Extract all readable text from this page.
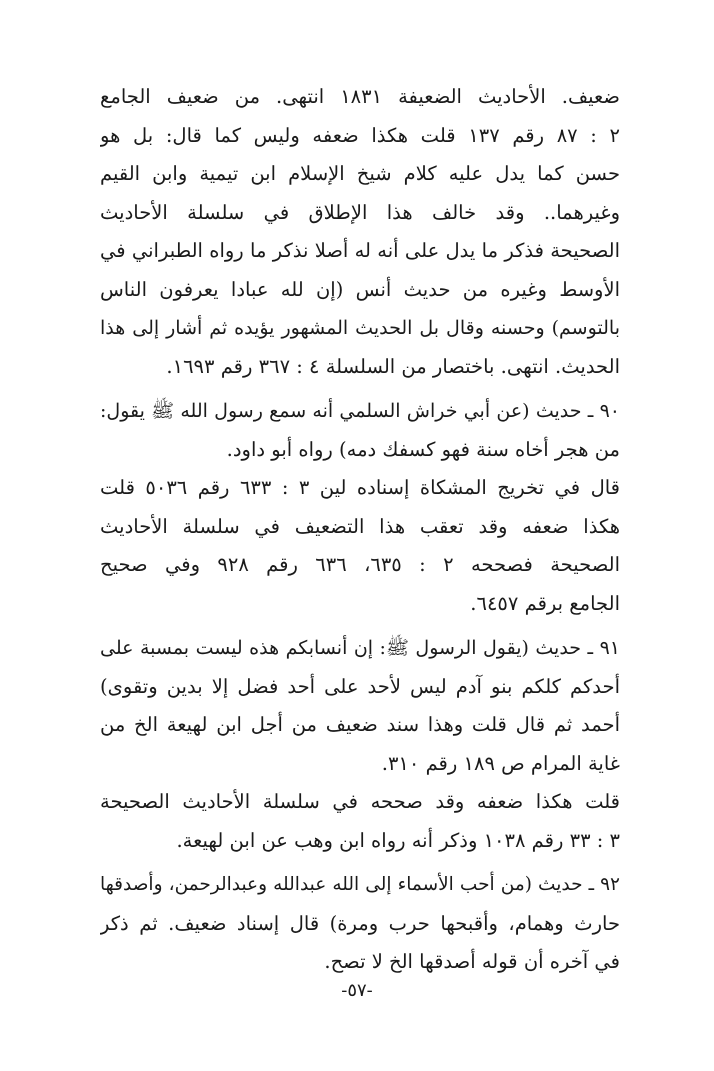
ضعيف. الأحاديث الضعيفة ١٨٣١ انتهى. من ضعيف الجامع
٢ : ٨٧ رقم ١٣٧ قلت هكذا ضعفه وليس كما قال: بل هو
حسن كما يدل عليه كلام شيخ الإسلام ابن تيمية وابن القيم
وغيرهما.. وقد خالف هذا الإطلاق في سلسلة الأحاديث
الصحيحة فذكر ما يدل على أنه له أصلا نذكر ما رواه الطبراني في
الأوسط وغيره من حديث أنس (إن لله عبادا يعرفون الناس
بالتوسم) وحسنه وقال بل الحديث المشهور يؤيده ثم أشار إلى هذا
الحديث. انتهى. باختصار من السلسلة ٤ : ٣٦٧ رقم ١٦٩٣.
٩٠ ـ حديث (عن أبي خراش السلمي أنه سمع رسول الله ﷺ يقول:
من هجر أخاه سنة فهو كسفك دمه) رواه أبو داود.
قال في تخريج المشكاة إسناده لين ٣ : ٦٣٣ رقم ٥٠٣٦ قلت
هكذا ضعفه وقد تعقب هذا التضعيف في سلسلة الأحاديث
الصحيحة فصححه ٢ : ٦٣٥، ٦٣٦ رقم ٩٢٨ وفي صحيح
الجامع برقم ٦٤٥٧.
٩١ ـ حديث (يقول الرسول ﷺ: إن أنسابكم هذه ليست بمسبة على
أحدكم كلكم بنو آدم ليس لأحد على أحد فضل إلا بدين وتقوى)
أحمد ثم قال قلت وهذا سند ضعيف من أجل ابن لهيعة الخ من
غاية المرام ص ١٨٩ رقم ٣١٠.
قلت هكذا ضعفه وقد صححه في سلسلة الأحاديث الصحيحة
٣ : ٣٣ رقم ١٠٣٨ وذكر أنه رواه ابن وهب عن ابن لهيعة.
٩٢ ـ حديث (من أحب الأسماء إلى الله عبدالله وعبدالرحمن، وأصدقها
حارث وهمام، وأقبحها حرب ومرة) قال إسناد ضعيف. ثم ذكر
في آخره أن قوله أصدقها الخ لا تصح.
-٥٧-
